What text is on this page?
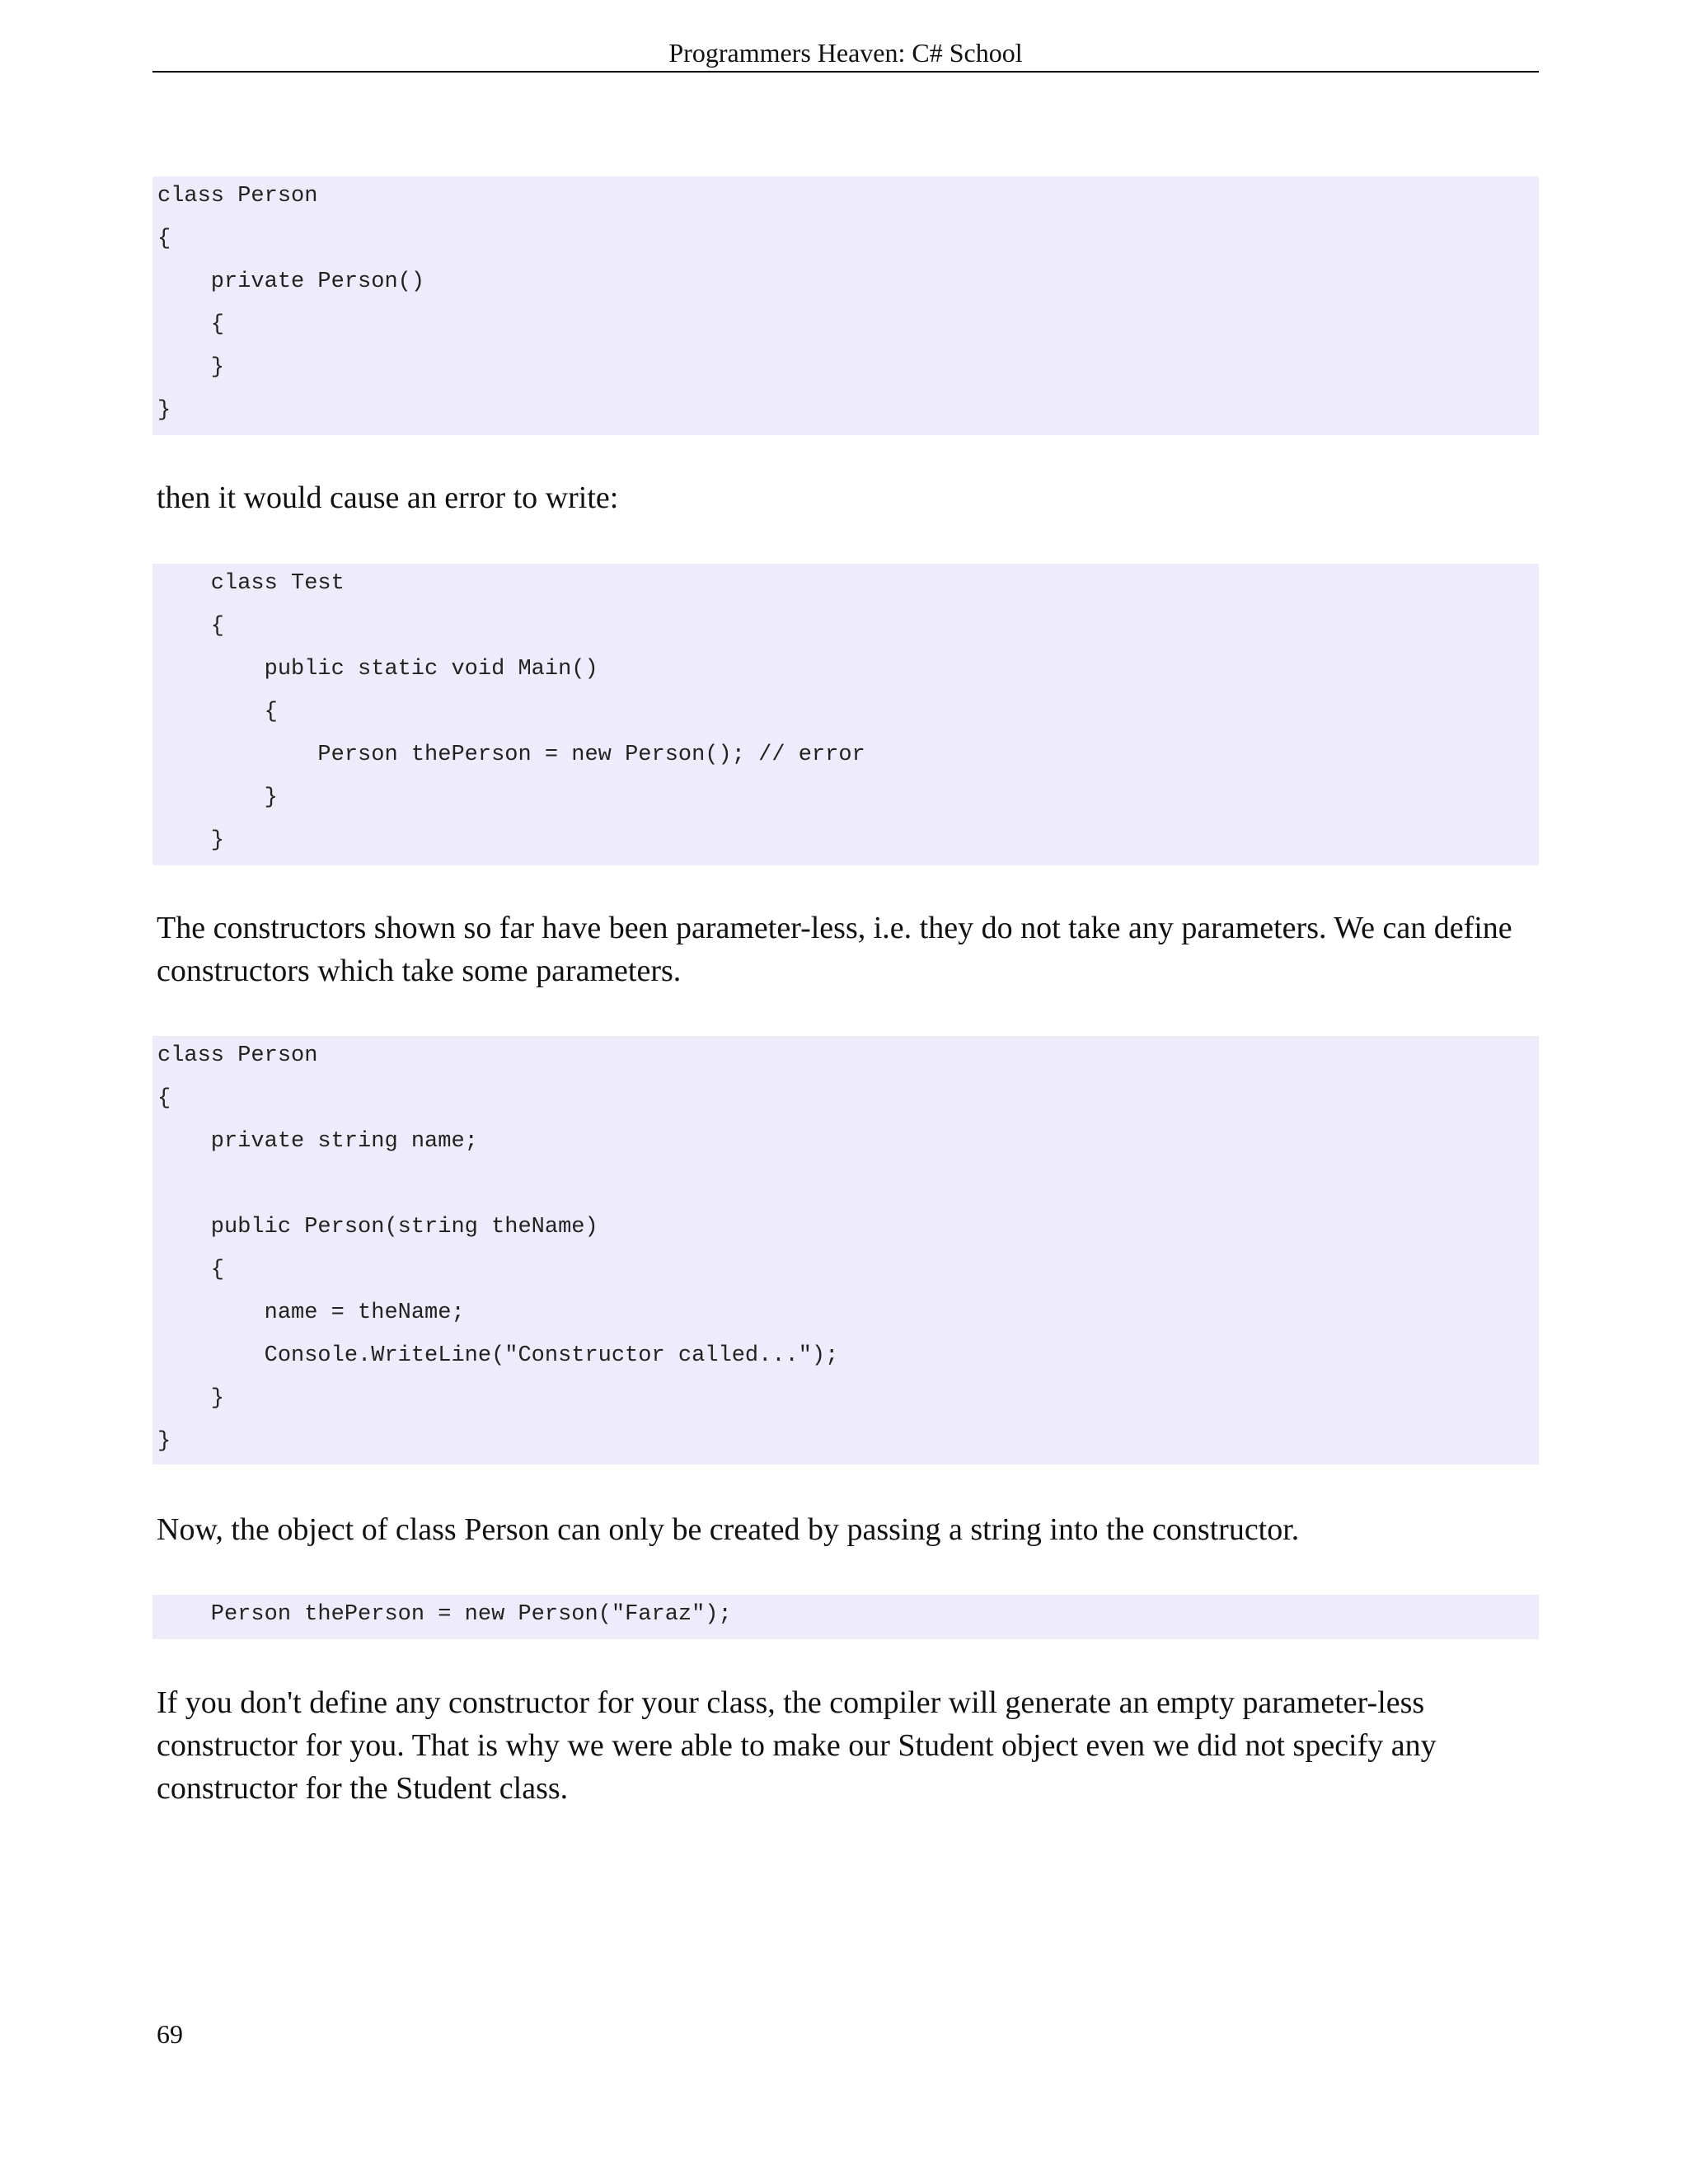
Programmers Heaven: C# School
class Person
{
private Person()
{
}
}

then it would cause an error to write:

class Test
{
public static void Main()
{
Person thePerson = new Person(); // error
}
}

The constructors shown so far have been parameter-less, i.e. they do not take any parameters. We can define constructors which take some parameters.

class Person
{
private string name;
public Person(string theName)
{
name = theName;
Console.WriteLine("Constructor called...");
}
}

Now, the object of class Person can only be created by passing a string into the constructor.

Person thePerson = new Person("Faraz");

If you don't define any constructor for your class, the compiler will generate an empty parameter-less constructor for you. That is why we were able to make our Student object even we did not specify any constructor for the Student class.

69
